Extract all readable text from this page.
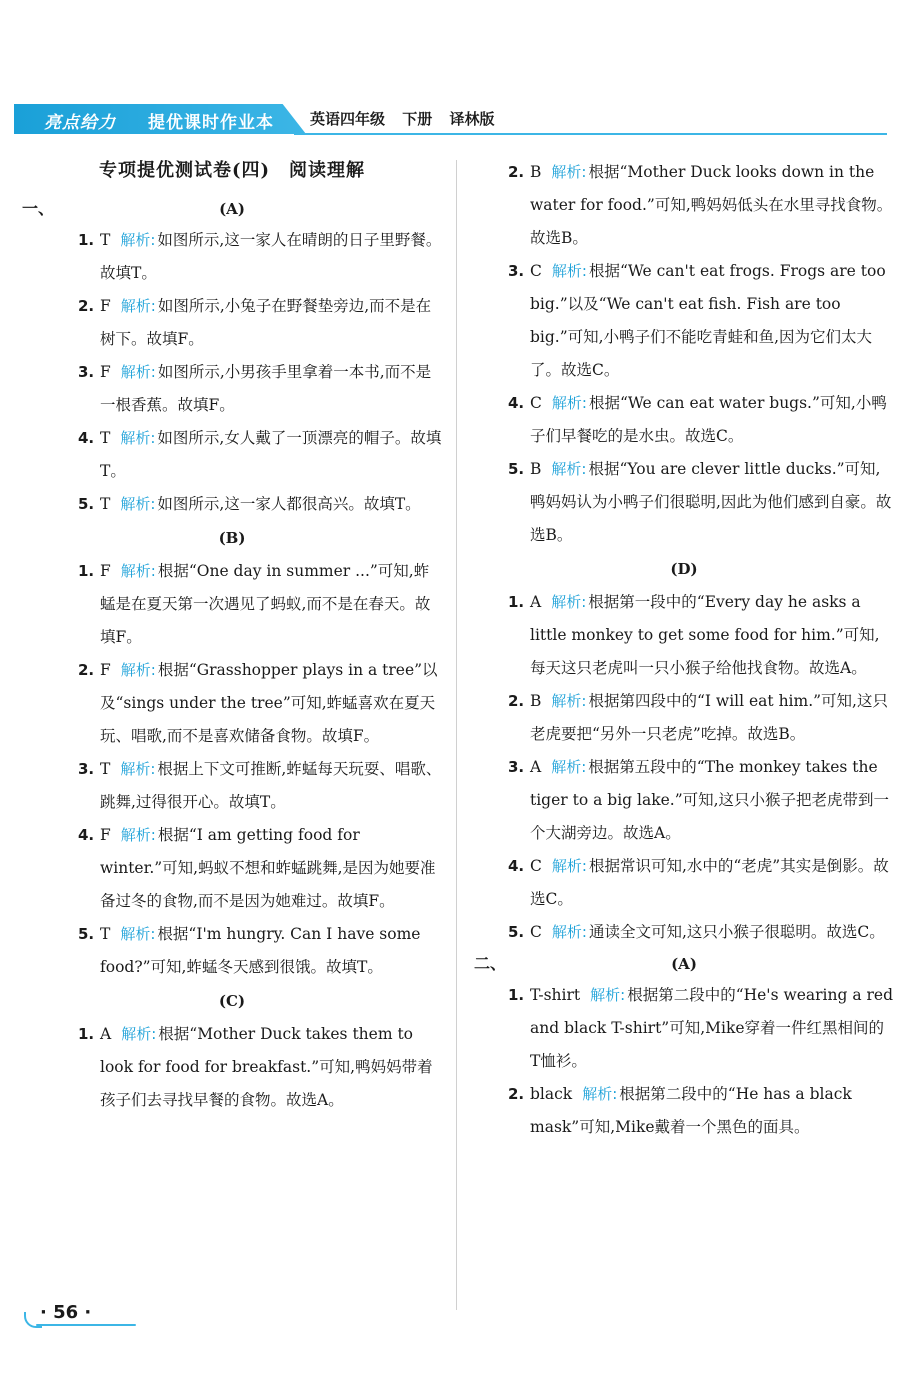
亮点给力 提优课时作业本 英语四年级 下册 译林版
专项提优测试卷(四)　阅读理解
一、	(A)
1. T 解析: 如图所示,这一家人在晴朗的日子里野餐。故填T。
2. F 解析: 如图所示,小兔子在野餐垫旁边,而不是在树下。故填F。
3. F 解析: 如图所示,小男孩手里拿着一本书,而不是一根香蕉。故填F。
4. T 解析: 如图所示,女人戴了一顶漂亮的帽子。故填T。
5. T 解析: 如图所示,这一家人都很高兴。故填T。
(B)
1. F 解析: 根据“One day in summer ...”可知,蚱蜢是在夏天第一次遇见了蚂蚁,而不是在春天。故填F。
2. F 解析: 根据“Grasshopper plays in a tree”以及“sings under the tree”可知,蚱蜢喜欢在夏天玩、唱歌,而不是喜欢储备食物。故填F。
3. T 解析: 根据上下文可推断,蚱蜢每天玩耍、唱歌、跳舞,过得很开心。故填T。
4. F 解析: 根据“I am getting food for winter.”可知,蚂蚁不想和蚱蜢跳舞,是因为她要准备过冬的食物,而不是因为她难过。故填F。
5. T 解析: 根据“I'm hungry. Can I have some food?”可知,蚱蜢冬天感到很饿。故填T。
(C)
1. A 解析: 根据“Mother Duck takes them to look for food for breakfast.”可知,鸭妈妈带着孩子们去寻找早餐的食物。故选A。
2. B 解析: 根据“Mother Duck looks down in the water for food.”可知,鸭妈妈低头在水里寻找食物。故选B。
3. C 解析: 根据“We can't eat frogs. Frogs are too big.”以及“We can't eat fish. Fish are too big.”可知,小鸭子们不能吃青蛙和鱼,因为它们太大了。故选C。
4. C 解析: 根据“We can eat water bugs.”可知,小鸭子们早餐吃的是水虫。故选C。
5. B 解析: 根据“You are clever little ducks.”可知,鸭妈妈认为小鸭子们很聪明,因此为他们感到自豪。故选B。
(D)
1. A 解析: 根据第一段中的“Every day he asks a little monkey to get some food for him.”可知,每天这只老虎叫一只小猴子给他找食物。故选A。
2. B 解析: 根据第四段中的“I will eat him.”可知,这只老虎要把“另外一只老虎”吃掉。故选B。
3. A 解析: 根据第五段中的“The monkey takes the tiger to a big lake.”可知,这只小猴子把老虎带到一个大湖旁边。故选A。
4. C 解析: 根据常识可知,水中的“老虎”其实是倒影。故选C。
5. C 解析: 通读全文可知,这只小猴子很聪明。故选C。
二、	(A)
1. T-shirt 解析: 根据第二段中的“He's wearing a red and black T-shirt”可知,Mike穿着一件红黑相间的T恤衫。
2. black 解析: 根据第二段中的“He has a black mask”可知,Mike戴着一个黑色的面具。
· 56 ·
